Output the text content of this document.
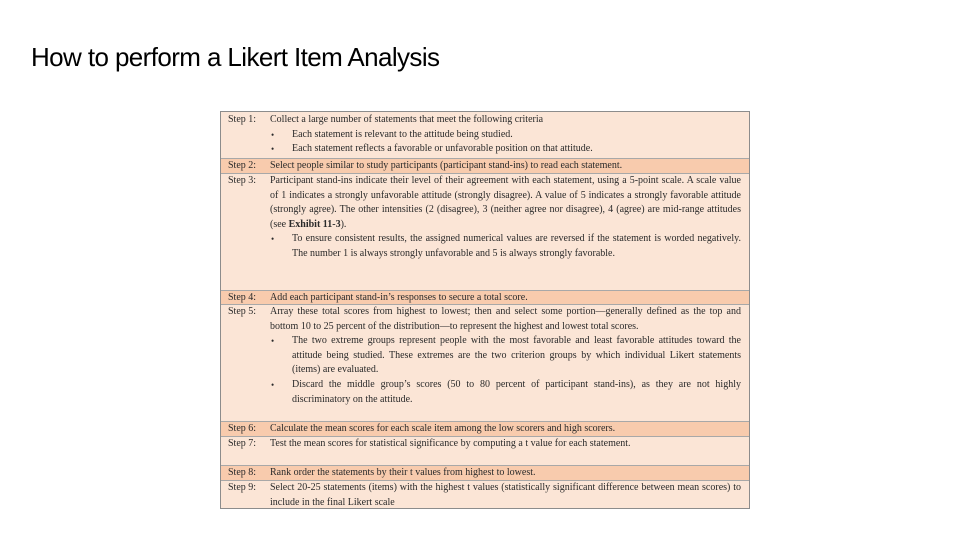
How to perform a Likert Item Analysis
Step 1:	Collect a large number of statements that meet the following criteria

• Each statement is relevant to the attitude being studied.
• Each statement reflects a favorable or unfavorable position on that attitude.
Step 2:	Select people similar to study participants (participant stand-ins) to read each statement.

Step 3:	Participant stand-ins indicate their level of their agreement with each statement, using a 5-point scale. A scale value of 1 indicates a strongly unfavorable attitude (strongly disagree). A value of 5 indicates a strongly favorable attitude (strongly agree). The other intensities (2 (disagree), 3 (neither agree nor disagree), 4 (agree) are mid-range attitudes (see Exhibit 11-3).

• To ensure consistent results, the assigned numerical values are reversed if the statement is worded negatively. The number 1 is always strongly unfavorable and 5 is always strongly favorable.
Step 4:	Add each participant stand-in’s responses to secure a total score.

Step 5:	Array these total scores from highest to lowest; then and select some portion—generally defined as the top and bottom 10 to 25 percent of the distribution—to represent the highest and lowest total scores.

• The two extreme groups represent people with the most favorable and least favorable attitudes toward the attitude being studied. These extremes are the two criterion groups by which individual Likert statements (items) are evaluated.
• Discard the middle group’s scores (50 to 80 percent of participant stand-ins), as they are not highly discriminatory on the attitude.
Step 6:	Calculate the mean scores for each scale item among the low scorers and high scorers.

Step 7:	Test the mean scores for statistical significance by computing a t value for each statement.

Step 8:	Rank order the statements by their t values from highest to lowest.

Step 9:	Select 20-25 statements (items) with the highest t values (statistically significant difference between mean scores) to include in the final Likert scale
